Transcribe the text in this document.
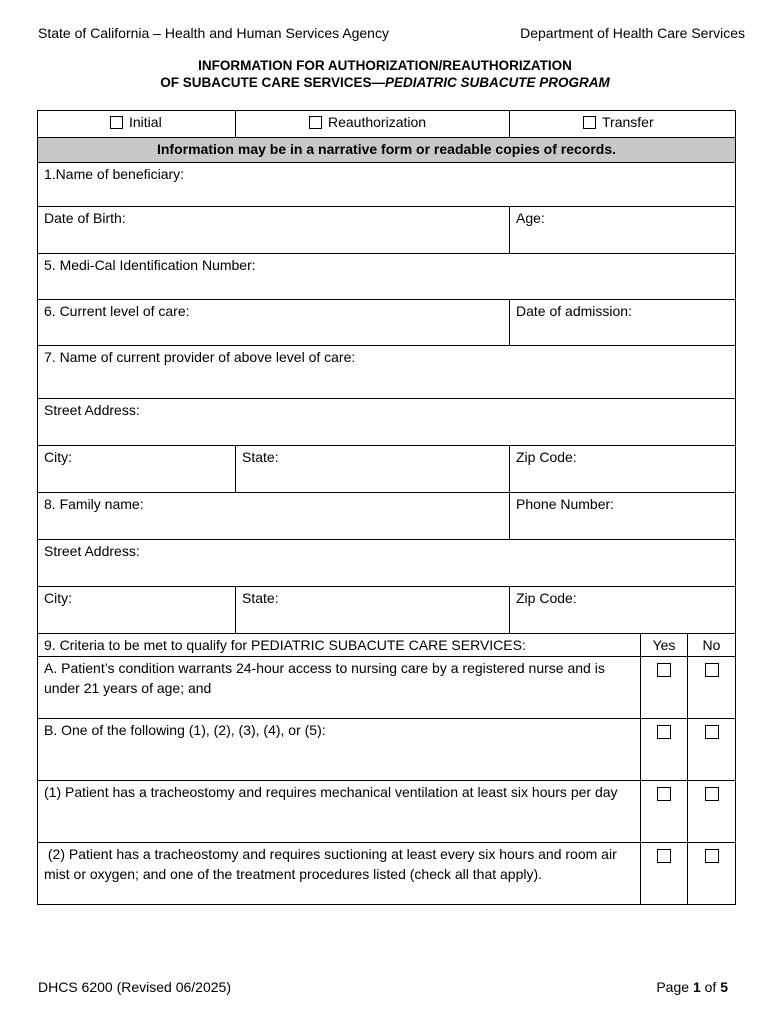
State of California – Health and Human Services Agency	Department of Health Care Services
INFORMATION FOR AUTHORIZATION/REAUTHORIZATION
OF SUBACUTE CARE SERVICES—PEDIATRIC SUBACUTE PROGRAM
Initial	Reauthorization	Transfer		
Information may be in a narrative form or readable copies of records.				
1.Name of beneficiary:				
Date of Birth:		Age:		
5. Medi-Cal Identification Number:				
6. Current level of care:		Date of admission:		
7. Name of current provider of above level of care:				
Street Address:				
City:	State:	Zip Code:		
8. Family name:		Phone Number:		
Street Address:				
City:	State:	Zip Code:		
9. Criteria to be met to qualify for PEDIATRIC SUBACUTE CARE SERVICES:			Yes	No
A. Patient’s condition warrants 24-hour access to nursing care by a registered nurse and is under 21 years of age; and				
B. One of the following (1), (2), (3), (4), or (5):				
(1) Patient has a tracheostomy and requires mechanical ventilation at least six hours per day				
(2) Patient has a tracheostomy and requires suctioning at least every six hours and room air mist or oxygen; and one of the treatment procedures listed (check all that apply).				
DHCS 6200 (Revised 06/2025)	Page 1 of 5
